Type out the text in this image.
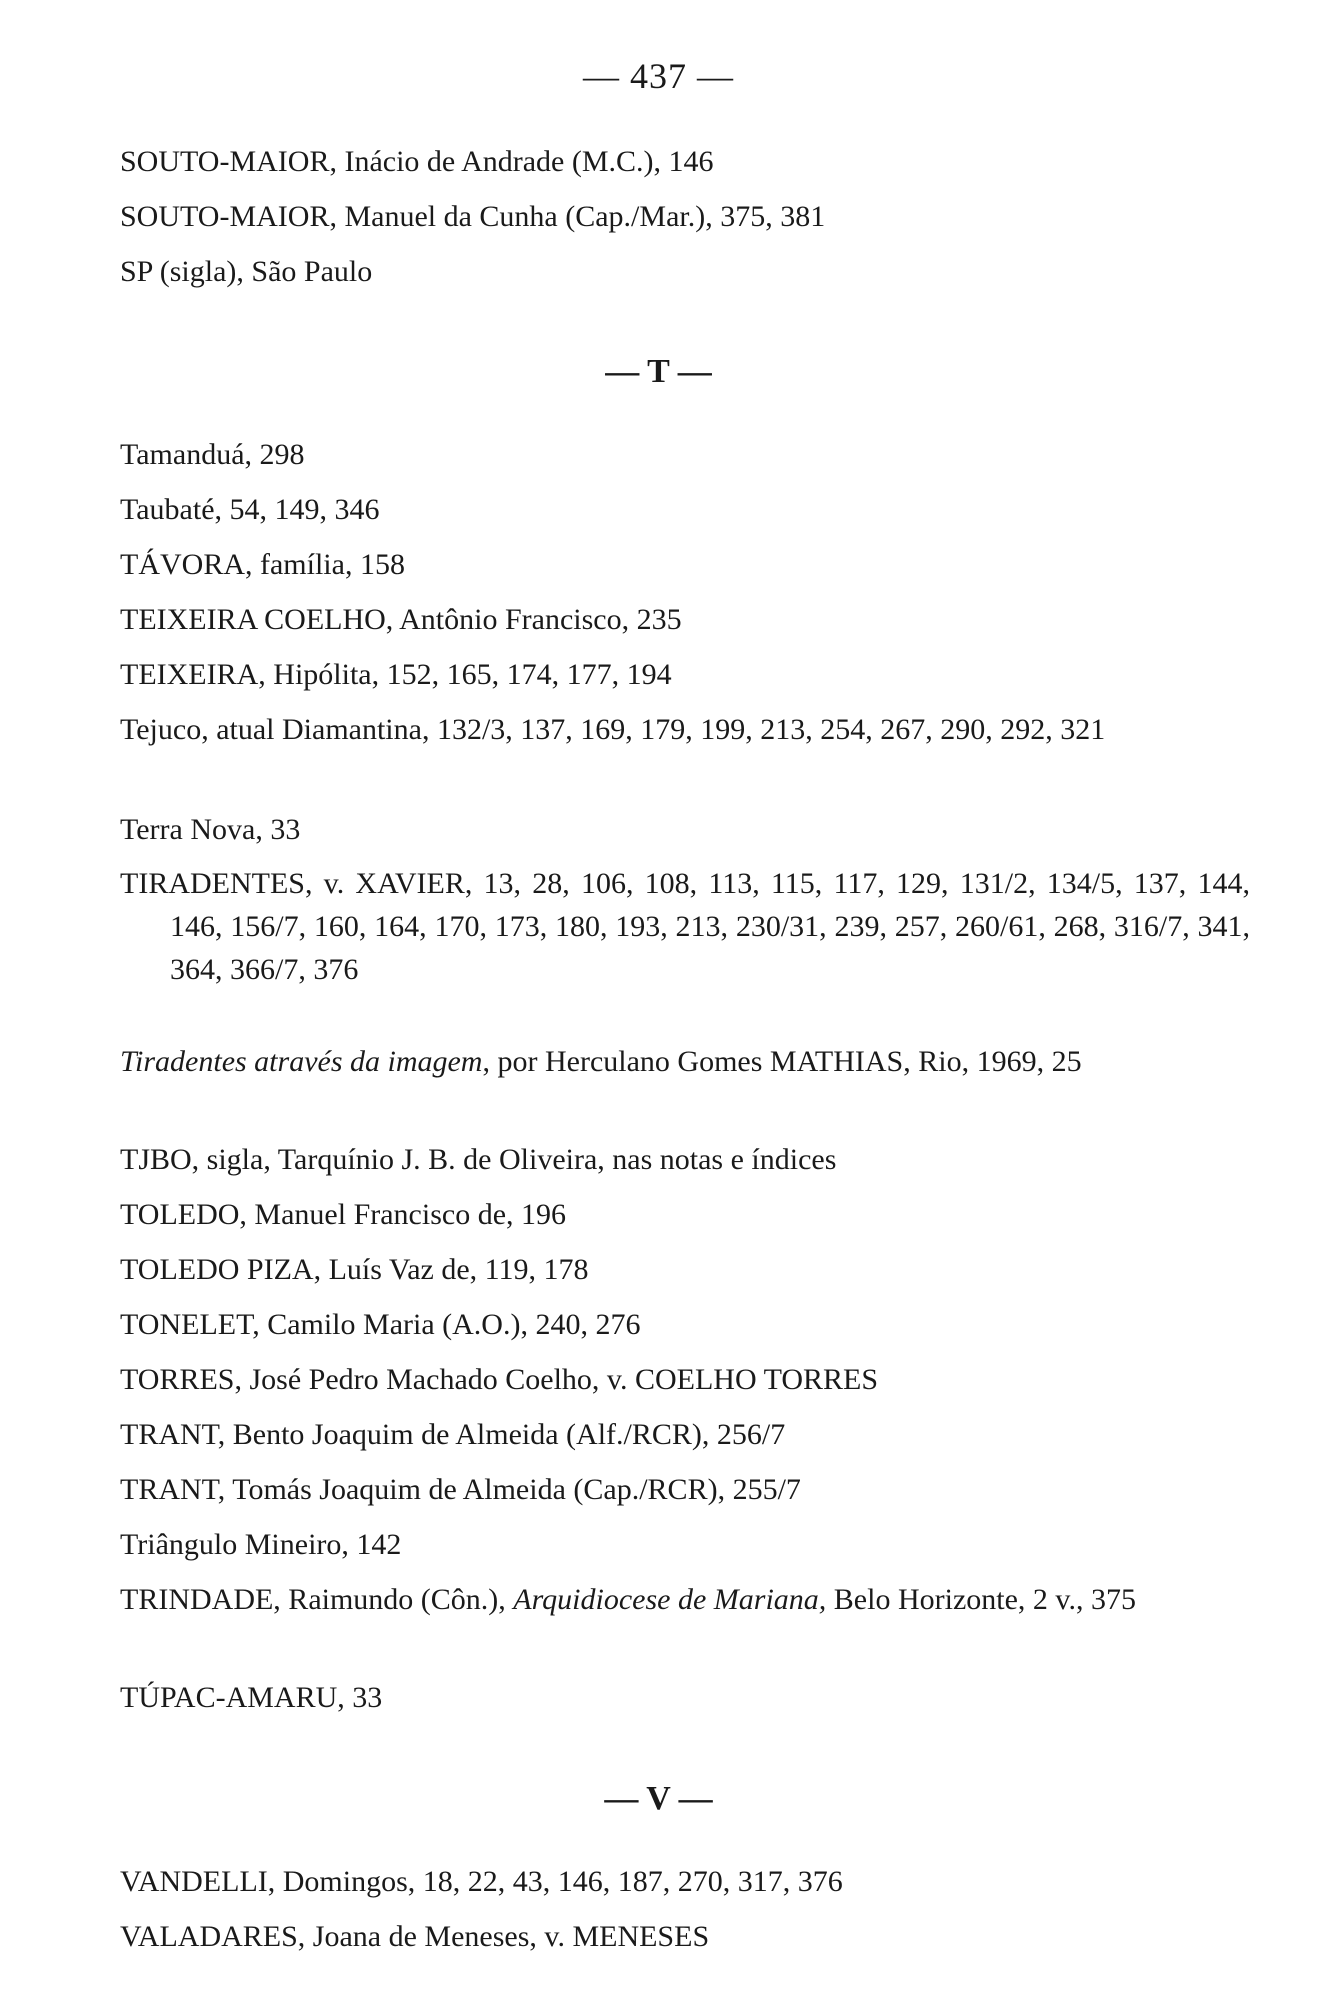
— 437 —
SOUTO-MAIOR, Inácio de Andrade (M.C.), 146
SOUTO-MAIOR, Manuel da Cunha (Cap./Mar.), 375, 381
SP (sigla), São Paulo
— T —
Tamanduá, 298
Taubaté, 54, 149, 346
TÁVORA, família, 158
TEIXEIRA COELHO, Antônio Francisco, 235
TEIXEIRA, Hipólita, 152, 165, 174, 177, 194
Tejuco, atual Diamantina, 132/3, 137, 169, 179, 199, 213, 254, 267, 290, 292, 321
Terra Nova, 33
TIRADENTES, v. XAVIER, 13, 28, 106, 108, 113, 115, 117, 129, 131/2, 134/5, 137, 144, 146, 156/7, 160, 164, 170, 173, 180, 193, 213, 230/31, 239, 257, 260/61, 268, 316/7, 341, 364, 366/7, 376
Tiradentes através da imagem, por Herculano Gomes MATHIAS, Rio, 1969, 25
TJBO, sigla, Tarquínio J. B. de Oliveira, nas notas e índices
TOLEDO, Manuel Francisco de, 196
TOLEDO PIZA, Luís Vaz de, 119, 178
TONELET, Camilo Maria (A.O.), 240, 276
TORRES, José Pedro Machado Coelho, v. COELHO TORRES
TRANT, Bento Joaquim de Almeida (Alf./RCR), 256/7
TRANT, Tomás Joaquim de Almeida (Cap./RCR), 255/7
Triângulo Mineiro, 142
TRINDADE, Raimundo (Côn.), Arquidiocese de Mariana, Belo Horizonte, 2 v., 375
TÚPAC-AMARU, 33
— V —
VANDELLI, Domingos, 18, 22, 43, 146, 187, 270, 317, 376
VALADARES, Joana de Meneses, v. MENESES
